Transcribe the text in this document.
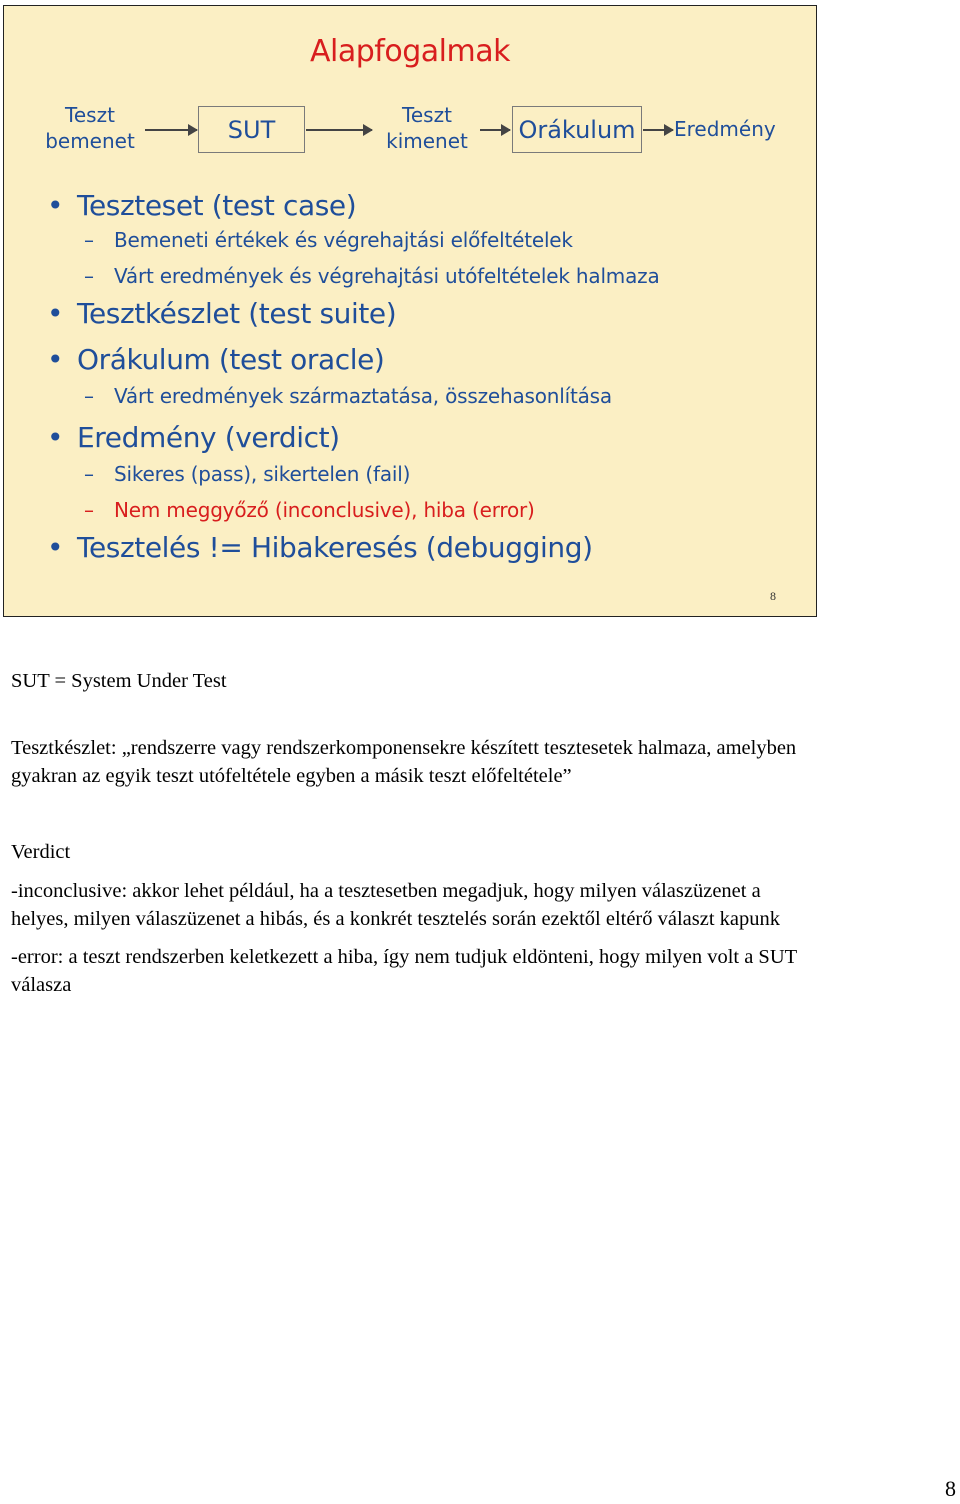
Alapfogalmak
Teszt
bemenet	SUT
Teszt
kimenet	Orákulum	Eredmény
• Teszteset (test case)
– Bemeneti értékek és végrehajtási előfeltételek
– Várt eredmények és végrehajtási utófeltételek halmaza
• Tesztkészlet (test suite)
• Orákulum (test oracle)
– Várt eredmények származtatása, összehasonlítása
• Eredmény (verdict)
– Sikeres (pass), sikertelen (fail)
– Nem meggyőző (inconclusive), hiba (error)
• Tesztelés != Hibakeresés (debugging)
8

SUT = System Under Test

Tesztkészlet: „rendszerre vagy rendszerkomponensekre készített tesztesetek halmaza, amelyben gyakran az egyik teszt utófeltétele egyben a másik teszt előfeltétele”

Verdict

-inconclusive: akkor lehet például, ha a tesztesetben megadjuk, hogy milyen válaszüzenet a helyes, milyen válaszüzenet a hibás, és a konkrét tesztelés során ezektől eltérő választ kapunk

-error: a teszt rendszerben keletkezett a hiba, így nem tudjuk eldönteni, hogy milyen volt a SUT válasza

8
